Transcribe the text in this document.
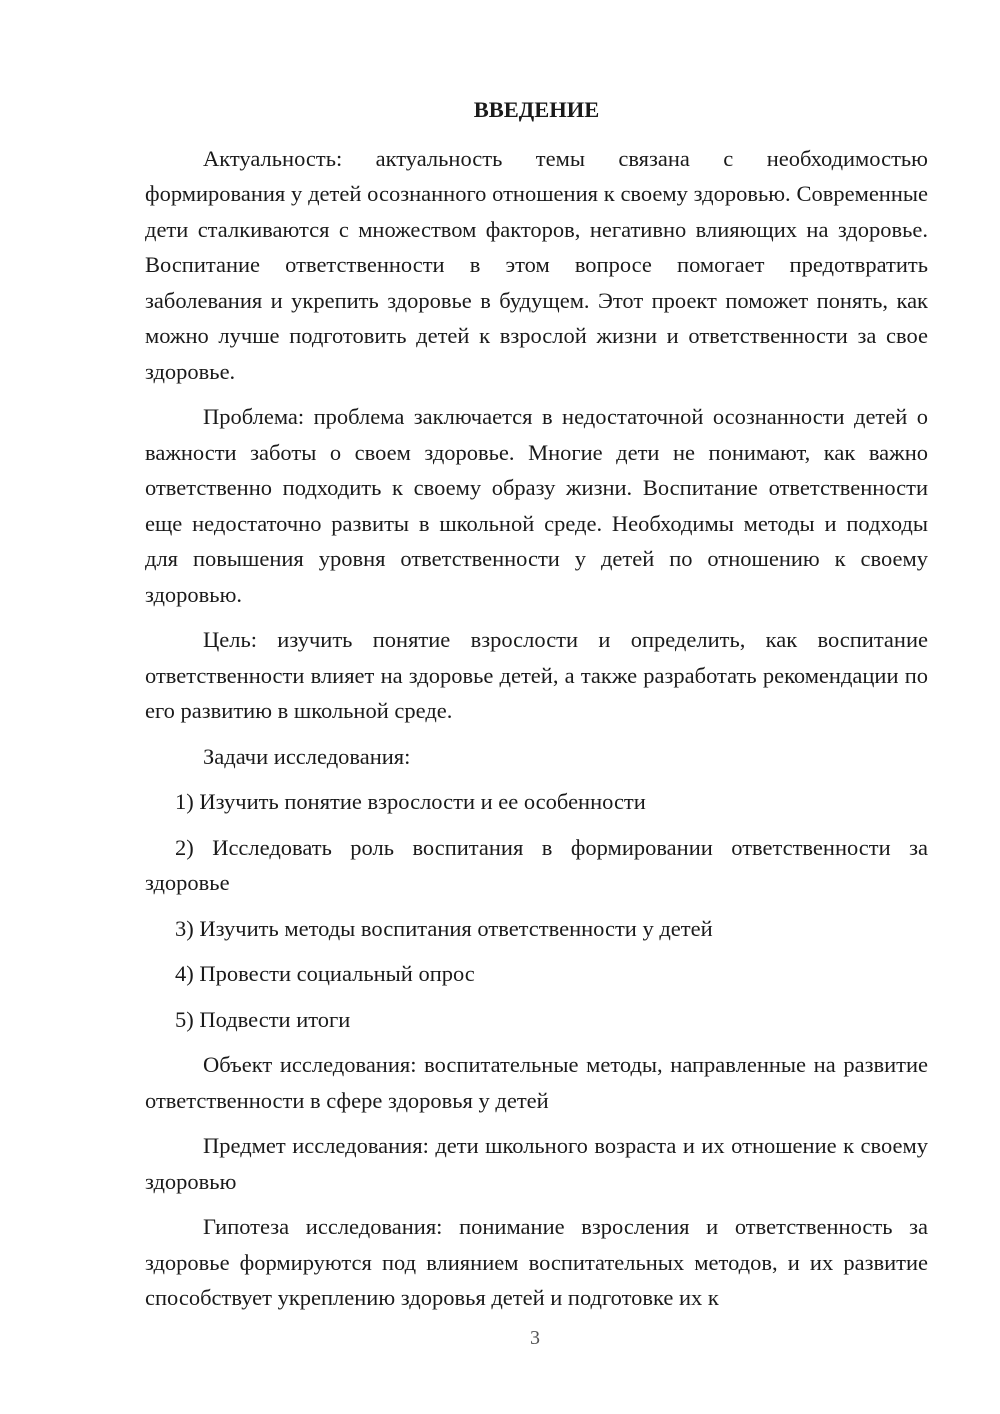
ВВЕДЕНИЕ

Актуальность: актуальность темы связана с необходимостью формирования у детей осознанного отношения к своему здоровью. Современные дети сталкиваются с множеством факторов, негативно влияющих на здоровье. Воспитание ответственности в этом вопросе помогает предотвратить заболевания и укрепить здоровье в будущем. Этот проект поможет понять, как можно лучше подготовить детей к взрослой жизни и ответственности за свое здоровье.

Проблема: проблема заключается в недостаточной осознанности детей о важности заботы о своем здоровье. Многие дети не понимают, как важно ответственно подходить к своему образу жизни. Воспитание ответственности еще недостаточно развиты в школьной среде. Необходимы методы и подходы для повышения уровня ответственности у детей по отношению к своему здоровью.

Цель: изучить понятие взрослости и определить, как воспитание ответственности влияет на здоровье детей, а также разработать рекомендации по его развитию в школьной среде.

Задачи исследования:

1) Изучить понятие взрослости и ее особенности

2) Исследовать роль воспитания в формировании ответственности за здоровье

3) Изучить методы воспитания ответственности у детей

4) Провести социальный опрос

5) Подвести итоги

Объект исследования: воспитательные методы, направленные на развитие ответственности в сфере здоровья у детей

Предмет исследования: дети школьного возраста и их отношение к своему здоровью

Гипотеза исследования: понимание взросления и ответственность за здоровье формируются под влиянием воспитательных методов, и их развитие способствует укреплению здоровья детей и подготовке их к

3
